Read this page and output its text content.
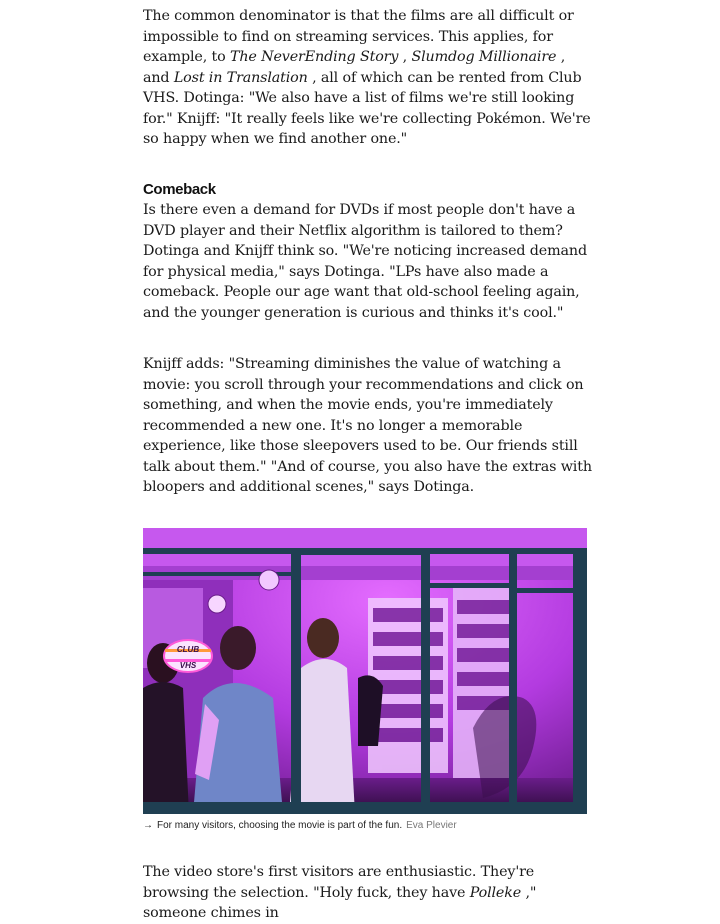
The common denominator is that the films are all difficult or impossible to find on streaming services. This applies, for example, to The NeverEnding Story , Slumdog Millionaire , and Lost in Translation , all of which can be rented from Club VHS. Dotinga: "We also have a list of films we're still looking for." Knijff: "It really feels like we're collecting Pokémon. We're so happy when we find another one."

Comeback

Is there even a demand for DVDs if most people don't have a DVD player and their Netflix algorithm is tailored to them? Dotinga and Knijff think so. "We're noticing increased demand for physical media," says Dotinga. "LPs have also made a comeback. People our age want that old-school feeling again, and the younger generation is curious and thinks it's cool."

Knijff adds: "Streaming diminishes the value of watching a movie: you scroll through your recommendations and click on something, and when the movie ends, you're immediately recommended a new one. It's no longer a memorable experience, like those sleepovers used to be. Our friends still talk about them." "And of course, you also have the extras with bloopers and additional scenes," says Dotinga.

CLUB
VHS
→ For many visitors, choosing the movie is part of the fun. Eva Plevier

The video store's first visitors are enthusiastic. They're browsing the selection. "Holy fuck, they have Polleke ," someone chimes in
